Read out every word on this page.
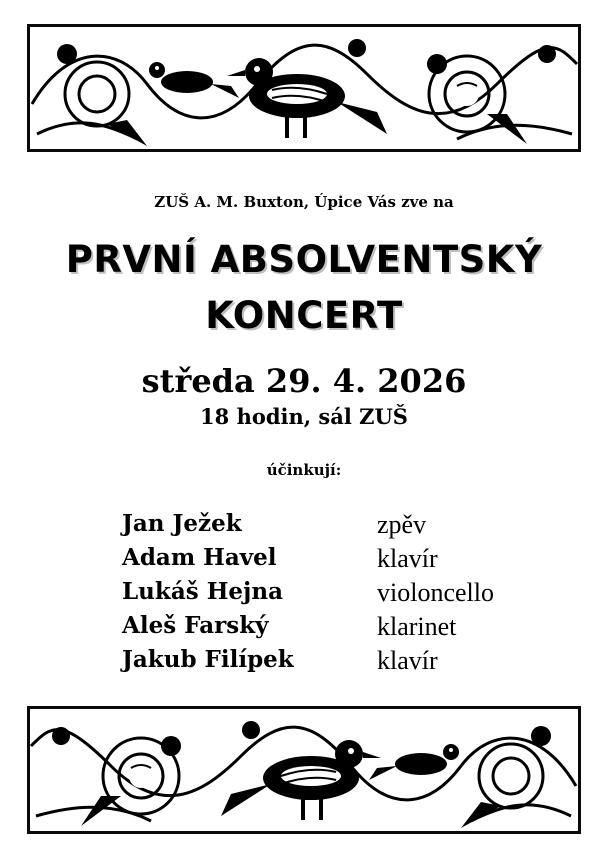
ZUŠ A. M. Buxton, Úpice Vás zve na
PRVNÍ ABSOLVENTSKÝ
KONCERT
středa 29. 4. 2026
18 hodin, sál ZUŠ
účinkují:
Jan Ježek	zpěv
Adam Havel	klavír
Lukáš Hejna	violoncello
Aleš Farský	klarinet
Jakub Filípek	klavír
